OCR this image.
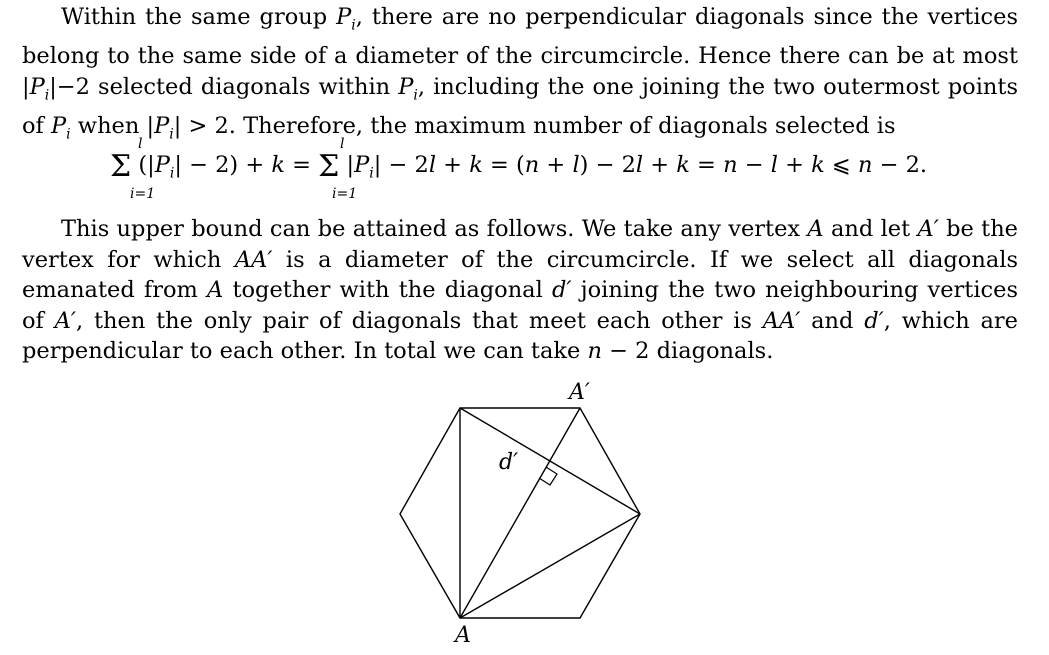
Within the same group $P_i$, there are no perpendicular diagonals since the vertices belong to the same side of a diameter of the circumcircle. Hence there can be at most $|P_i|-2$ selected diagonals within $P_i$, including the one joining the two outermost points of $P_i$ when $|P_i| > 2$. Therefore, the maximum number of diagonals selected is

l
i=1
l
i=1
Σ $(|P_i| - 2) + k = \Sigma$ $|P_i| - 2l + k = (n + l) - 2l + k = n - l + k$ ⩽ n − 2.

This upper bound can be attained as follows. We take any vertex A and let A′ be the vertex for which AA′ is a diameter of the circumcircle. If we select all diagonals emanated from A together with the diagonal d′ joining the two neighbouring vertices of A′, then the only pair of diagonals that meet each other is AA′ and d′, which are perpendicular to each other. In total we can take n − 2 diagonals.

A′
d′
A
